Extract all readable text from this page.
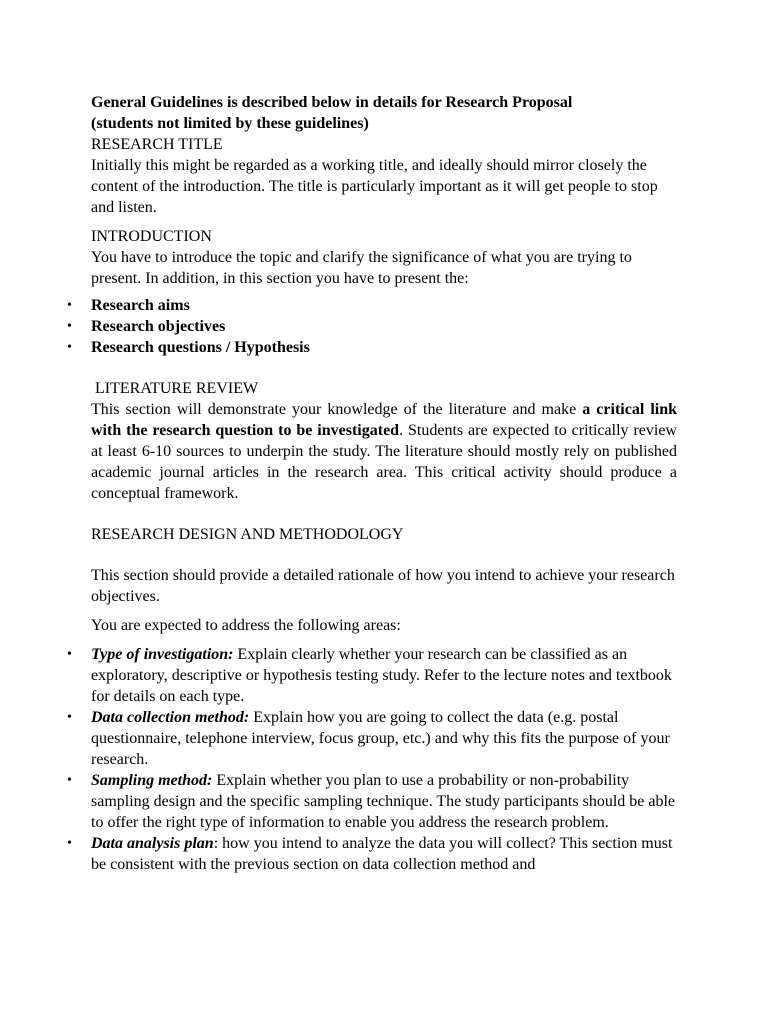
General Guidelines is described below in details for Research Proposal
(students not limited by these guidelines)

RESEARCH TITLE

Initially this might be regarded as a working title, and ideally should mirror closely the content of the introduction. The title is particularly important as it will get people to stop and listen.

INTRODUCTION

You have to introduce the topic and clarify the significance of what you are trying to present. In addition, in this section you have to present the:

• Research aims
• Research objectives
• Research questions / Hypothesis

LITERATURE REVIEW

This section will demonstrate your knowledge of the literature and make a critical link with the research question to be investigated. Students are expected to critically review at least 6-10 sources to underpin the study. The literature should mostly rely on published academic journal articles in the research area. This critical activity should produce a conceptual framework.

RESEARCH DESIGN AND METHODOLOGY

This section should provide a detailed rationale of how you intend to achieve your research objectives.

You are expected to address the following areas:

• Type of investigation: Explain clearly whether your research can be classified as an exploratory, descriptive or hypothesis testing study. Refer to the lecture notes and textbook for details on each type.
• Data collection method: Explain how you are going to collect the data (e.g. postal questionnaire, telephone interview, focus group, etc.) and why this fits the purpose of your research.
• Sampling method: Explain whether you plan to use a probability or non-probability sampling design and the specific sampling technique. The study participants should be able to offer the right type of information to enable you address the research problem.
• Data analysis plan: how you intend to analyze the data you will collect? This section must be consistent with the previous section on data collection method and
